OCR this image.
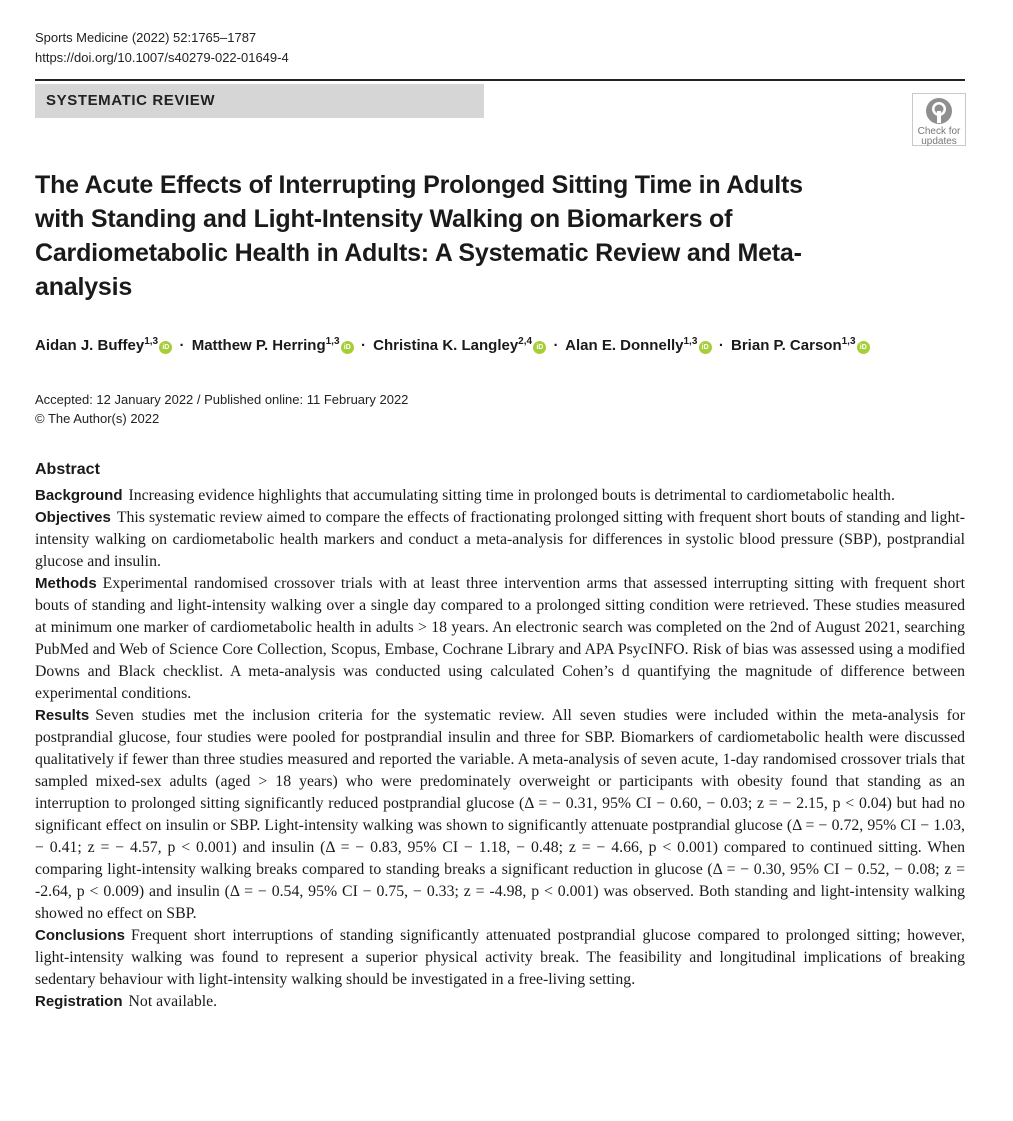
Sports Medicine (2022) 52:1765–1787
https://doi.org/10.1007/s40279-022-01649-4
SYSTEMATIC REVIEW
Check for
updates
The Acute Effects of Interrupting Prolonged Sitting Time in Adults with Standing and Light-Intensity Walking on Biomarkers of Cardiometabolic Health in Adults: A Systematic Review and Meta-analysis
Aidan J. Buffey$^{1,3}$ iD · Matthew P. Herring$^{1,3}$ iD · Christina K. Langley$^{2,4}$ iD · Alan E. Donnelly$^{1,3}$ iD · Brian P. Carson$^{1,3}$ iD
Accepted: 12 January 2022 / Published online: 11 February 2022
© The Author(s) 2022
Abstract

Background Increasing evidence highlights that accumulating sitting time in prolonged bouts is detrimental to cardiometabolic health.

Objectives This systematic review aimed to compare the effects of fractionating prolonged sitting with frequent short bouts of standing and light-intensity walking on cardiometabolic health markers and conduct a meta-analysis for differences in systolic blood pressure (SBP), postprandial glucose and insulin.

Methods Experimental randomised crossover trials with at least three intervention arms that assessed interrupting sitting with frequent short bouts of standing and light-intensity walking over a single day compared to a prolonged sitting condition were retrieved. These studies measured at minimum one marker of cardiometabolic health in adults > 18 years. An electronic search was completed on the 2nd of August 2021, searching PubMed and Web of Science Core Collection, Scopus, Embase, Cochrane Library and APA PsycINFO. Risk of bias was assessed using a modified Downs and Black checklist. A meta-analysis was conducted using calculated Cohen’s d quantifying the magnitude of difference between experimental conditions.

Results Seven studies met the inclusion criteria for the systematic review. All seven studies were included within the meta-analysis for postprandial glucose, four studies were pooled for postprandial insulin and three for SBP. Biomarkers of cardiometabolic health were discussed qualitatively if fewer than three studies measured and reported the variable. A meta-analysis of seven acute, 1-day randomised crossover trials that sampled mixed-sex adults (aged > 18 years) who were predominately overweight or participants with obesity found that standing as an interruption to prolonged sitting significantly reduced postprandial glucose (Δ = − 0.31, 95% CI − 0.60, − 0.03; z = − 2.15, p < 0.04) but had no significant effect on insulin or SBP. Light-intensity walking was shown to significantly attenuate postprandial glucose (Δ = − 0.72, 95% CI − 1.03, − 0.41; z = − 4.57, p < 0.001) and insulin (Δ = − 0.83, 95% CI − 1.18, − 0.48; z = − 4.66, p < 0.001) compared to continued sitting. When comparing light-intensity walking breaks compared to standing breaks a significant reduction in glucose (Δ = − 0.30, 95% CI − 0.52, − 0.08; z = -2.64, p < 0.009) and insulin (Δ = − 0.54, 95% CI − 0.75, − 0.33; z = -4.98, p < 0.001) was observed. Both standing and light-intensity walking showed no effect on SBP.

Conclusions Frequent short interruptions of standing significantly attenuated postprandial glucose compared to prolonged sitting; however, light-intensity walking was found to represent a superior physical activity break. The feasibility and longitudinal implications of breaking sedentary behaviour with light-intensity walking should be investigated in a free-living setting.

Registration Not available.
